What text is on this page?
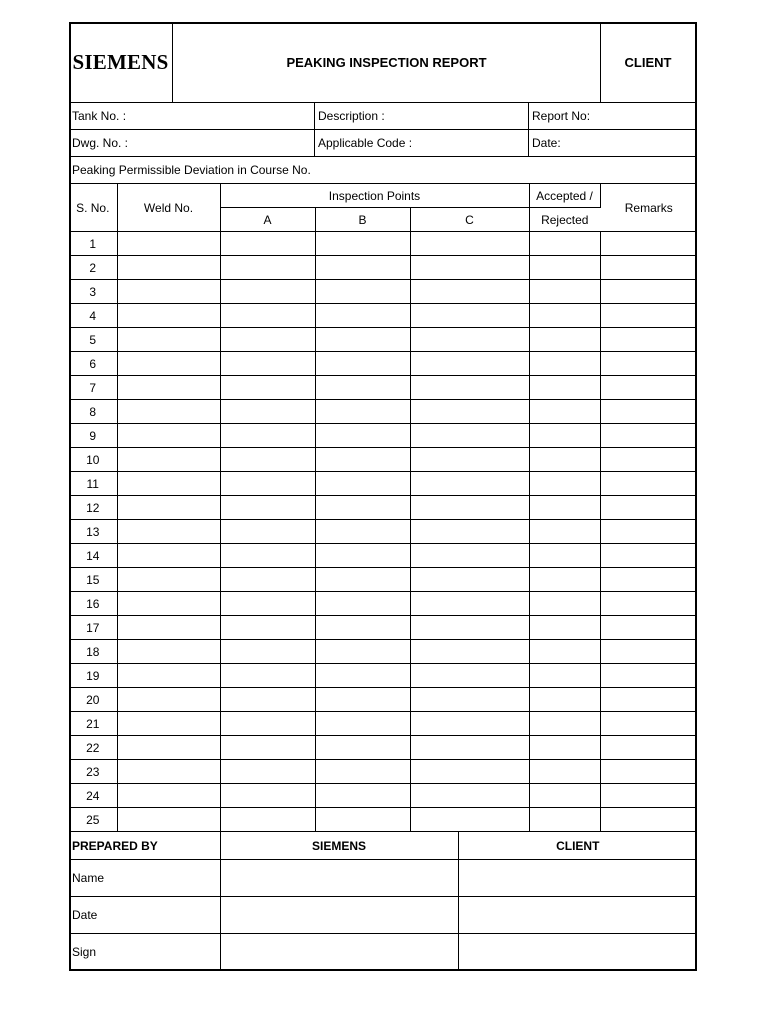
SIEMENS	PEAKING INSPECTION REPORT	CLIENT
Tank No. :	Description :	Report No:
Dwg. No. :	Applicable Code :	Date:
Peaking Permissible Deviation in Course No.
S. No.	Weld No.	Inspection Points			Accepted /	Remarks
		A	B	C	Rejected	
1						
2						
3						
4						
5						
6						
7						
8						
9						
10						
11						
12						
13						
14						
15						
16						
17						
18						
19						
20						
21						
22						
23						
24						
25						
PREPARED BY	SIEMENS	CLIENT
Name		
Date		
Sign		
